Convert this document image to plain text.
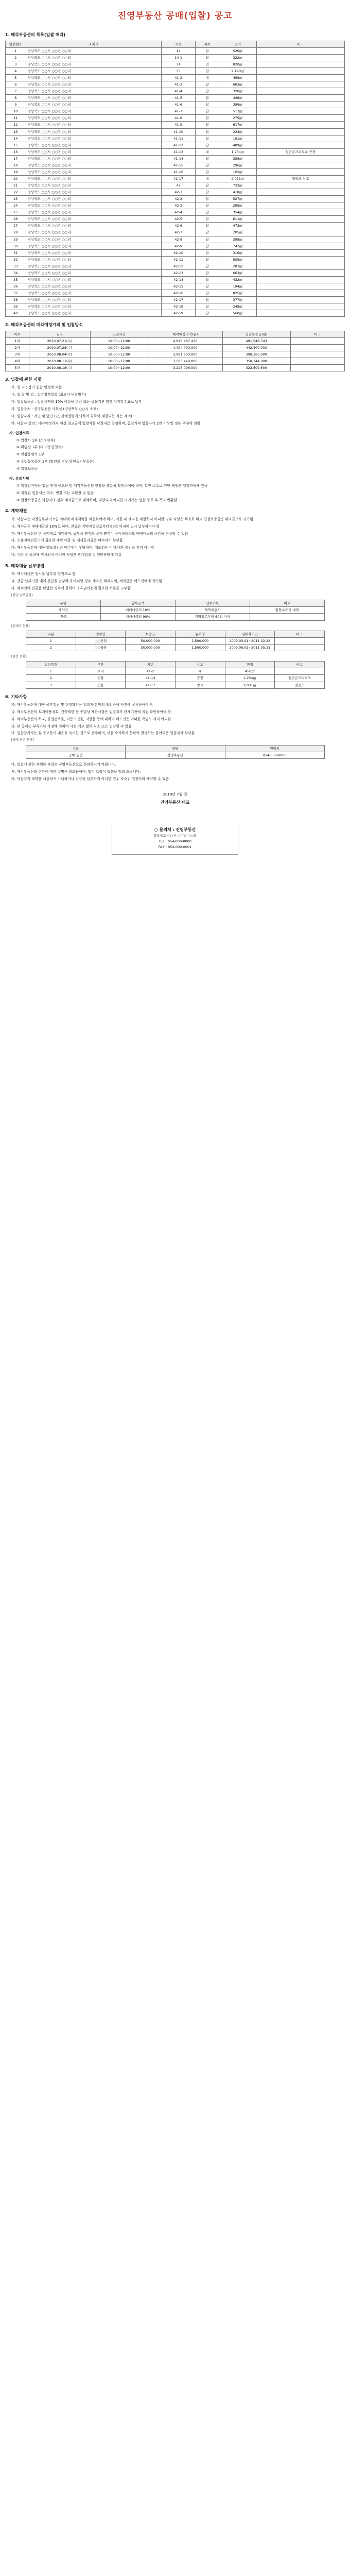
진영부동산 공매(입찰) 공고
1. 매각부동산의 목록(일괄 매각)
일련번호	소재지	지번	지목	면적	비고
1	경상북도 ○○시 ○○면 ○○리	14	답	526㎡	
2	경상북도 ○○시 ○○면 ○○리	14-1	답	322㎡	
3	경상북도 ○○시 ○○면 ○○리	34	전	820㎡	
4	경상북도 ○○시 ○○면 ○○리	35	답	2,140㎡	
5	경상북도 ○○시 ○○면 ○○리	41-2	대	458㎡	
6	경상북도 ○○시 ○○면 ○○리	41-3	답	683㎡	
7	경상북도 ○○시 ○○면 ○○리	41-4	답	320㎡	
8	경상북도 ○○시 ○○면 ○○리	41-5	답	446㎡	
9	경상북도 ○○시 ○○면 ○○리	41-6	답	398㎡	
10	경상북도 ○○시 ○○면 ○○리	41-7	답	512㎡	
11	경상북도 ○○시 ○○면 ○○리	41-8	답	275㎡	
12	경상북도 ○○시 ○○면 ○○리	41-9	답	617㎡	
13	경상북도 ○○시 ○○면 ○○리	41-10	답	234㎡	
14	경상북도 ○○시 ○○면 ○○리	41-11	답	181㎡	
15	경상북도 ○○시 ○○면 ○○리	41-12	답	409㎡	
16	경상북도 ○○시 ○○면 ○○리	41-13	대	1,254㎡	철근콘크리트조 공장
17	경상북도 ○○시 ○○면 ○○리	41-14	답	388㎡	
18	경상북도 ○○시 ○○면 ○○리	41-15	답	296㎡	
19	경상북도 ○○시 ○○면 ○○리	41-16	답	162㎡	
20	경상북도 ○○시 ○○면 ○○리	41-17	대	2,031㎡	철골조 창고
21	경상북도 ○○시 ○○면 ○○리	42	답	733㎡	
22	경상북도 ○○시 ○○면 ○○리	42-1	답	418㎡	
23	경상북도 ○○시 ○○면 ○○리	42-2	답	527㎡	
24	경상북도 ○○시 ○○면 ○○리	42-3	답	289㎡	
25	경상북도 ○○시 ○○면 ○○리	42-4	답	354㎡	
26	경상북도 ○○시 ○○면 ○○리	42-5	답	611㎡	
27	경상북도 ○○시 ○○면 ○○리	42-6	답	473㎡	
28	경상북도 ○○시 ○○면 ○○리	42-7	답	205㎡	
29	경상북도 ○○시 ○○면 ○○리	42-8	답	398㎡	
30	경상북도 ○○시 ○○면 ○○리	42-9	답	742㎡	
31	경상북도 ○○시 ○○면 ○○리	42-10	답	316㎡	
32	경상북도 ○○시 ○○면 ○○리	42-11	답	509㎡	
33	경상북도 ○○시 ○○면 ○○리	42-12	답	287㎡	
34	경상북도 ○○시 ○○면 ○○리	42-13	답	663㎡	
35	경상북도 ○○시 ○○면 ○○리	42-14	답	432㎡	
36	경상북도 ○○시 ○○면 ○○리	42-15	답	194㎡	
37	경상북도 ○○시 ○○면 ○○리	42-16	답	825㎡	
38	경상북도 ○○시 ○○면 ○○리	42-17	답	377㎡	
39	경상북도 ○○시 ○○면 ○○리	42-18	답	248㎡	
40	경상북도 ○○시 ○○면 ○○리	42-19	답	560㎡	
2. 매각부동산의 매각예정가격 및 입찰방식
차수	일자	입찰시간	매각예정가격(원)	입찰보증금(원)	비고
1차	2010.07.21(수)	10:00~12:00	4,915,487,430	491,548,743	
2차	2010.07.28(수)	10:00~12:00	4,424,000,000	442,400,000	
3차	2010.08.04(수)	10:00~12:00	3,981,600,000	398,160,000	
4차	2010.08.11(수)	10:00~12:00	3,583,440,000	358,344,000	
5차	2010.08.18(수)	10:00~12:00	3,225,096,000	322,509,600	
3. 입찰에 관한 사항
가. 일 시 : 상기 입찰 일정에 따름
나. 입 찰 방 법 : 일반경쟁입찰 (최고가 낙찰방식)
다. 입찰보증금 : 입찰금액의 10% 이상을 현금 또는 금융기관 발행 자기앞수표로 납부
라. 입찰장소 : 진영부동산 사무실 (경상북도 ○○시 소재)
마. 입찰자격 : 개인 및 법인 (단, 관계법령에 의하여 취득이 제한되는 자는 제외)
바. 낙찰자 결정 : 매각예정가격 이상 최고금액 입찰자를 낙찰자로 결정하며, 동일가격 입찰자가 2인 이상일 경우 추첨에 의함
사. 입찰서류
① 입찰서 1부 (소정양식)
② 위임장 1부 (대리인 입찰시)
③ 인감증명서 1부
④ 주민등록등본 1부 (법인의 경우 법인등기부등본)
⑤ 입찰보증금
아. 유의사항
① 입찰참가자는 입찰 전에 공고문 및 매각부동산의 현황을 충분히 확인하여야 하며, 확인 소홀로 인한 책임은 입찰자에게 있음
② 제출된 입찰서는 취소, 변경 또는 교환할 수 없음
③ 입찰보증금은 낙찰자의 경우 계약금으로 대체하며, 낙찰되지 아니한 자에게는 입찰 종료 후 즉시 반환함
4. 계약체결
가. 낙찰자는 낙찰일로부터 5일 이내에 매매계약을 체결하여야 하며, 기한 내 계약을 체결하지 아니할 경우 낙찰은 무효로 하고 입찰보증금은 위약금으로 귀속됨
나. 계약금은 매매대금의 10%로 하며, 잔금은 계약체결일로부터 60일 이내에 일시 납부하여야 함
다. 매각부동산은 현 상태대로 매각하며, 공부상 면적과 실제 면적이 상이하더라도 매매대금의 증감을 청구할 수 없음
라. 소유권이전등기에 필요한 제반 비용 및 제세공과금은 매수인이 부담함
마. 매각부동산에 대한 명도책임은 매수인이 부담하며, 매도인은 이에 대한 책임을 지지 아니함
바. 기타 본 공고에 명시되지 아니한 사항은 관계법령 및 일반관례에 따름
5. 매각대금 납부방법
가. 매각대금은 일시불 납부를 원칙으로 함
나. 잔금 납부기한 내에 잔금을 납부하지 아니할 경우 계약은 해제되며, 계약금은 매도인에게 귀속됨
다. 매수인이 잔금을 완납한 경우에 한하여 소유권이전에 필요한 서류를 교부함
[잔금 납부일정]
구분	납부금액	납부기한	비고
계약금	매매대금의 10%	계약체결시	입찰보증금 대체
잔금	매매대금의 90%	계약일로부터 60일 이내	
[임대차 현황]
구분	임차인	보증금	월차임	임대차기간	비고
1	○○산업	50,000,000	2,500,000	2009.03.01~2011.02.28	
2	○○물류	30,000,000	1,500,000	2009.06.01~2011.05.31	
[물건 현황]
일련번호	구분	지번	용도	면적	비고
1	토지	41-2	대	458㎡	
2	건물	41-13	공장	1,254㎡	철근콘크리트조
3	건물	41-17	창고	2,031㎡	철골조
6. 기타사항
가. 매각부동산에 대한 공부열람 및 현장확인은 입찰자 본인의 책임하에 사전에 실시하여야 함
나. 매각부동산의 토지이용계획, 건축제한 등 공법상 제한사항은 입찰자가 관계기관에 직접 확인하여야 함
다. 매각부동산의 하자, 불법건축물, 미등기건물, 지상물 등에 대하여 매도인은 어떠한 책임도 지지 아니함
라. 본 공매는 부득이한 사정에 의하여 사전 예고 없이 취소 또는 변경될 수 있음
마. 입찰참가자는 본 공고문의 내용을 숙지한 것으로 간주하며, 이를 숙지하지 못하여 발생하는 불이익은 입찰자가 부담함
[공매 관련 문의]
구분	담당	연락처
공매 일반	진영부동산	054-000-0000
바. 입찰에 관한 자세한 사항은 진영부동산으로 문의하시기 바랍니다.
사. 매각부동산의 현황에 대한 설명은 참고용이며, 법적 효력이 없음을 알려 드립니다.
아. 낙찰자가 계약을 체결하지 아니하거나 잔금을 납부하지 아니한 경우 차순위 입찰자와 계약할 수 있음
2010년 7월 일
진영부동산 대표
○ 문의처 : 진영부동산
경상북도 ○○시 ○○면 ○○리
TEL : 054-000-0000
FAX : 054-000-0001
